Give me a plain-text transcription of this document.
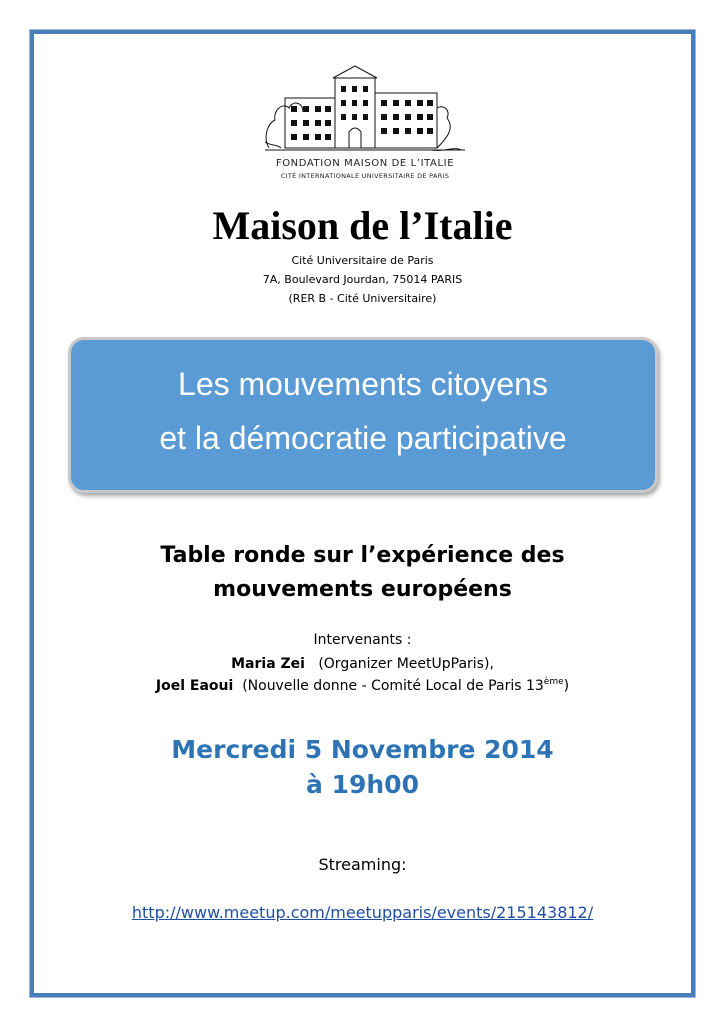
FONDATION MAISON DE L’ITALIE
CITÉ INTERNATIONALE UNIVERSITAIRE DE PARIS
Maison de l’Italie
Cité Universitaire de Paris
7A, Boulevard Jourdan, 75014 PARIS
(RER B - Cité Universitaire)
Les mouvements citoyens
et la démocratie participative
Table ronde sur l’expérience des
mouvements européens
Intervenants :
Maria Zei (Organizer MeetUpParis),
Joel Eaoui (Nouvelle donne - Comité Local de Paris 13ème)
Mercredi 5 Novembre 2014
à 19h00
Streaming:
http://www.meetup.com/meetupparis/events/215143812/
